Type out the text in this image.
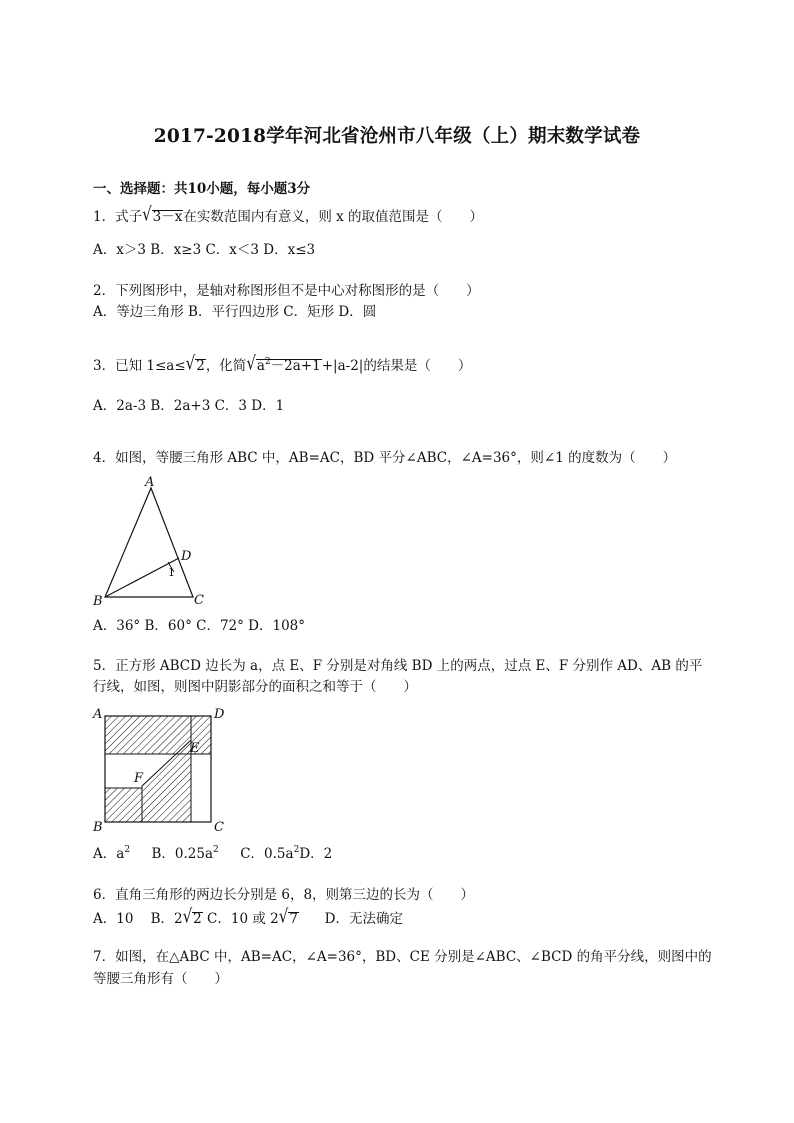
2017-2018学年河北省沧州市八年级（上）期末数学试卷
一、选择题：共10小题，每小题3分
1．式子√3－x在实数范围内有意义，则 x 的取值范围是（　　）
A．x＞3 B．x≥3 C．x＜3 D．x≤3
2．下列图形中，是轴对称图形但不是中心对称图形的是（　　）
A．等边三角形 B．平行四边形 C．矩形 D．圆
3．已知 1≤a≤√2，化简$√a^2-2a+1+|a-2|$的结果是（　　）
A．2a-3 B．2a+3 C．3 D．1
4．如图，等腰三角形 ABC 中，AB=AC，BD 平分∠ABC，∠A=36°，则∠1 的度数为（　　）
A
B	C
D
1
A．36° B．60° C．72° D．108°
5．正方形 ABCD 边长为 a，点 E、F 分别是对角线 BD 上的两点，过点 E、F 分别作 AD、AB 的平
行线，如图，则图中阴影部分的面积之和等于（　　）
A	D
B	C
E
F
A．$a^2$     B．$0.25a^2$     C．$0.5a^2D$．2
6．直角三角形的两边长分别是 6，8，则第三边的长为（　　）
A．10    B．2√2 C．10 或 2√7      D．无法确定
7．如图，在△ABC 中，AB=AC，∠A=36°，BD、CE 分别是∠ABC、∠BCD 的角平分线，则图中的
等腰三角形有（　　）
